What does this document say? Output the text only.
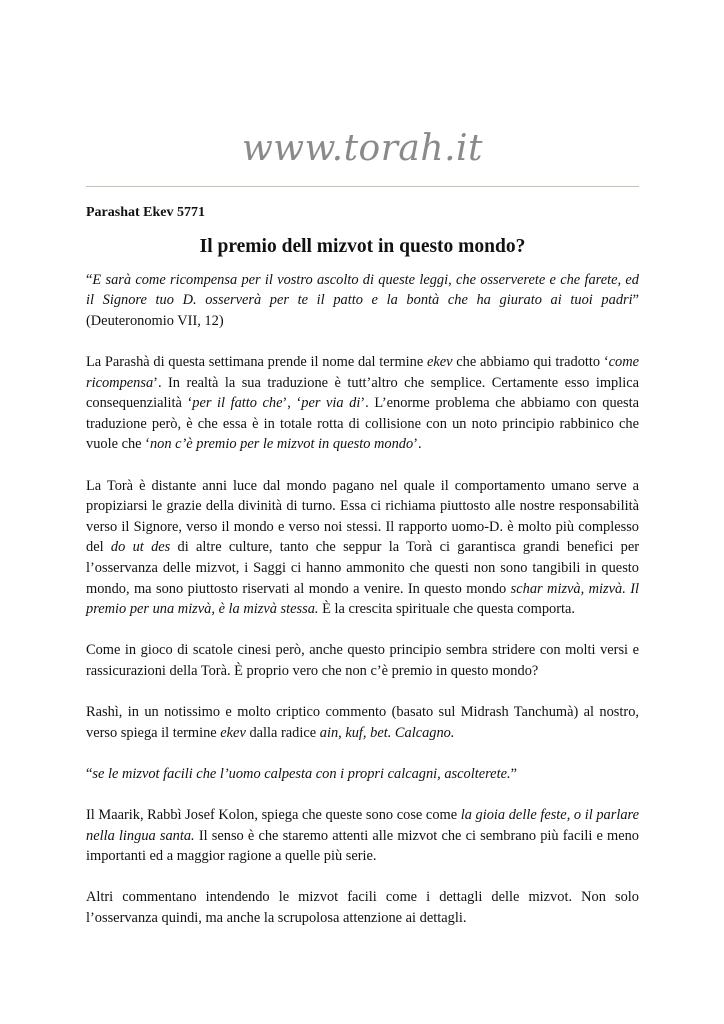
www.torah.it
Parashat Ekev 5771
Il premio dell mizvot in questo mondo?

“E sarà come ricompensa per il vostro ascolto di queste leggi, che osserverete e che farete, ed il Signore tuo D. osserverà per te il patto e la bontà che ha giurato ai tuoi padri” (Deuteronomio VII, 12)

La Parashà di questa settimana prende il nome dal termine ekev che abbiamo qui tradotto ‘come ricompensa’. In realtà la sua traduzione è tutt’altro che semplice. Certamente esso implica consequenzialità ‘per il fatto che’, ‘per via di’. L’enorme problema che abbiamo con questa traduzione però, è che essa è in totale rotta di collisione con un noto principio rabbinico che vuole che ‘non c’è premio per le mizvot in questo mondo’.

La Torà è distante anni luce dal mondo pagano nel quale il comportamento umano serve a propiziarsi le grazie della divinità di turno. Essa ci richiama piuttosto alle nostre responsabilità verso il Signore, verso il mondo e verso noi stessi. Il rapporto uomo-D. è molto più complesso del do ut des di altre culture, tanto che seppur la Torà ci garantisca grandi benefici per l’osservanza delle mizvot, i Saggi ci hanno ammonito che questi non sono tangibili in questo mondo, ma sono piuttosto riservati al mondo a venire. In questo mondo schar mizvà, mizvà. Il premio per una mizvà, è la mizvà stessa. È la crescita spirituale che questa comporta.

Come in gioco di scatole cinesi però, anche questo principio sembra stridere con molti versi e rassicurazioni della Torà. È proprio vero che non c’è premio in questo mondo?

Rashì, in un notissimo e molto criptico commento (basato sul Midrash Tanchumà) al nostro, verso spiega il termine ekev dalla radice ain, kuf, bet. Calcagno.

“se le mizvot facili che l’uomo calpesta con i propri calcagni, ascolterete.”

Il Maarik, Rabbì Josef Kolon, spiega che queste sono cose come la gioia delle feste, o il parlare nella lingua santa. Il senso è che staremo attenti alle mizvot che ci sembrano più facili e meno importanti ed a maggior ragione a quelle più serie.

Altri commentano intendendo le mizvot facili come i dettagli delle mizvot. Non solo l’osservanza quindi, ma anche la scrupolosa attenzione ai dettagli.
